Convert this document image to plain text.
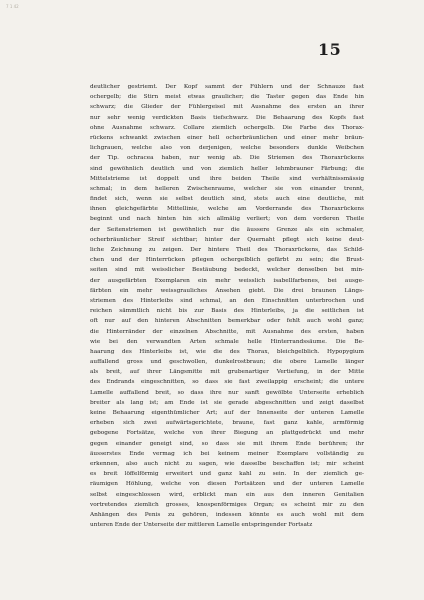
7 1 42
15
deutlicher gestriemt. Der Kopf sammt der Fühlern und der Schnauze fast
ochergelb; die Stirn meist etwas graulicher; die Taster gegen das Ende hin
schwarz; die Glieder der Fühlergeisel mit Ausnahme des ersten an ihrer
nur sehr wenig verdickten Basis tiefschwarz. Die Behaarung des Kopfs fast
ohne Ausnahme schwarz. Collare ziemlich ochergelb. Die Farbe des Thorax-
rückens schwankt zwischen einer hell ocherbräunlichen und einer mehr bräun-
lichgrauen, welche also von derjenigen, welche besonders dunkle Weibchen
der Tip. ochracea haben, nur wenig ab. Die Striemen des Thoraxrückens
sind gewöhnlich deutlich und von ziemlich heller lehmbrauner Färbung; die
Mittelstrieme ist doppelt und ihre beiden Theile sind verhältnissmässig
schmal; in dem helleren Zwischenraume, welcher sie von einander trennt,
findet sich, wenn sie selbst deutlich sind, stets auch eine deutliche, mit
ihnen gleichgefärbte Mittellinie, welche am Vorderrande des Thoraxrückens
beginnt und nach hinten hin sich allmälig verliert; von dem vorderen Theile
der Seitenstriemen ist gewöhnlich nur die äussere Grenze als ein schmaler,
ocherbräunlicher Streif sichtbar; hinter der Quernaht pflegt sich keine deut-
liche Zeichnung zu zeigen. Der hintere Theil des Thoraxrückens, das Schild-
chen und der Hinterrücken pflegen ochergelblich gefärbt zu sein; die Brust-
seiten sind mit weisslicher Bestäubung bedeckt, welcher denselben bei min-
der ausgefärbten Exemplaren ein mehr weisslich isabellfarbenes, bei ausge-
färbten ein mehr weissgrauliches Ansehen giebt. Die drei braunen Längs-
striemen des Hinterleibs sind schmal, an den Einschnitten unterbrochen und
reichen sämmtlich nicht bis zur Basis des Hinterleibs, ja die seitlichen ist
oft nur auf den hinteren Abschnitten bemerkbar oder fehlt auch wohl ganz;
die Hinterränder der einzelnen Abschnitte, mit Ausnahme des ersten, haben
wie bei den verwandten Arten schmale helle Hinterrandssäume. Die Be-
haarung des Hinterleibs ist, wie die des Thorax, bleichgelblich. Hypopygium
auffallend gross und geschwollen, dunkelrostbraun; die obere Lamelle länger
als breit, auf ihrer Längsmitte mit grubenartiger Vertiefung, in der Mitte
des Endrands eingeschnitten, so dass sie fast zweilappig erscheint; die untere
Lamelle auffallend breit, so dass ihre nur sanft gewölbte Unterseite erheblich
breiter als lang ist; am Ende ist sie gerade abgeschnitten und zeigt daselbst
keine Behaarung eigenthümlicher Art; auf der Innenseite der unteren Lamelle
erheben sich zwei aufwärtsgerichtete, braune, fast ganz kahle, armförmig
gebogene Fortsätze, welche von ihrer Biegung an plattgedrückt und mehr
gegen einander geneigt sind, so dass sie mit ihrem Ende berühren; ihr
äusserstes Ende vermag ich bei keinem meiner Exemplare vollständig zu
erkennen, also auch nicht zu sagen, wie dasselbe beschaffen ist; mir scheint
es breit löffelförmig erweitert und ganz kahl zu sein. In der ziemlich ge-
räumigen Höhlung, welche von diesen Fortsätzen und der unteren Lamelle
selbst eingeschlossen wird, erblickt man ein aus den inneren Genitalien
vortretendes ziemlich grosses, knospenförmiges Organ; es scheint mir zu den
Anhängen des Penis zu gehören, indessen könnte es auch wohl mit dem
unteren Ende der Unterseite der mittleren Lamelle entspringender Fortsatz
